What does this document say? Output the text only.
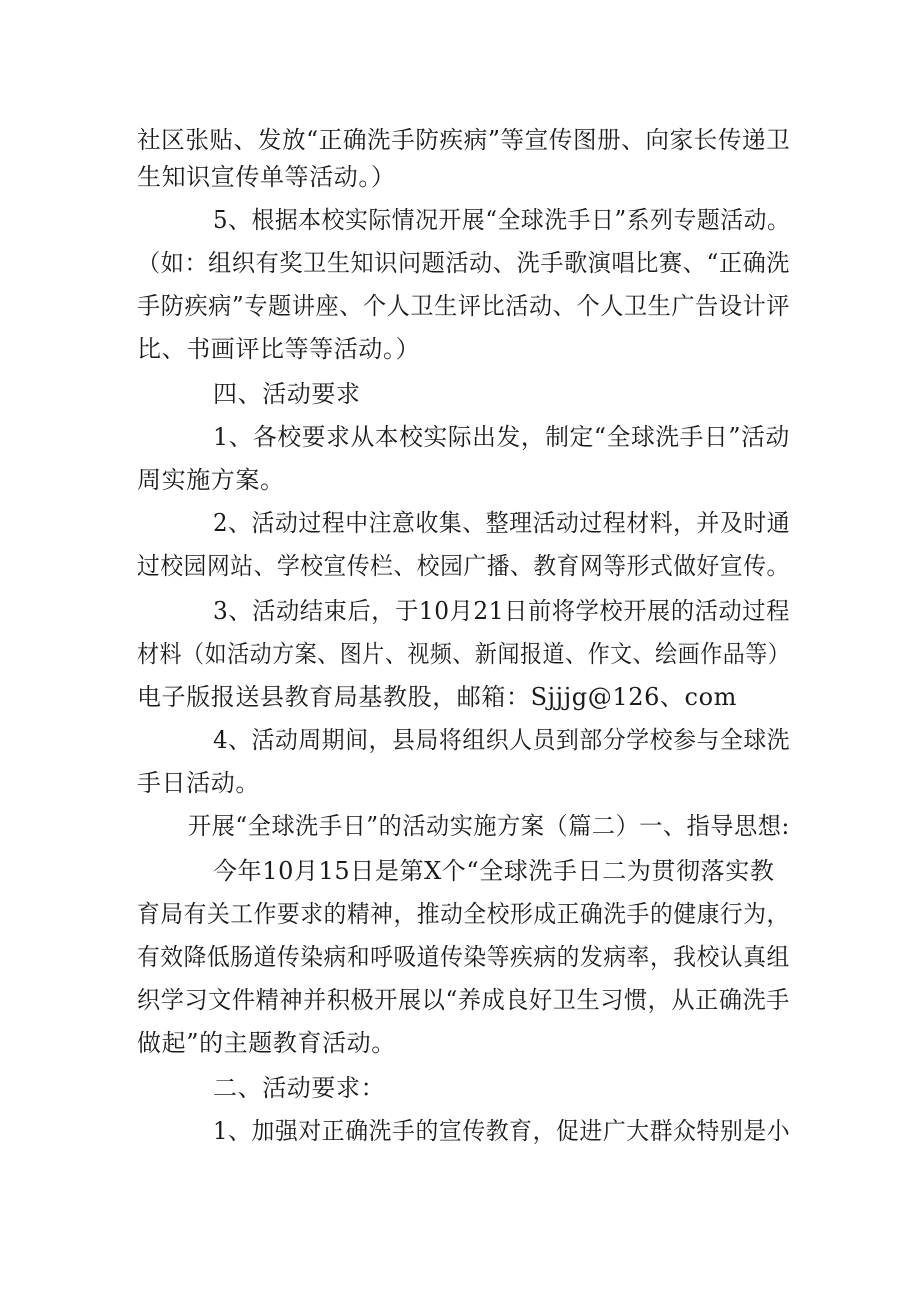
社区张贴、发放“正确洗手防疾病”等宣传图册、向家长传递卫
生知识宣传单等活动。）
5、根据本校实际情况开展“全球洗手日”系列专题活动。
（如：组织有奖卫生知识问题活动、洗手歌演唱比赛、“正确洗
手防疾病”专题讲座、个人卫生评比活动、个人卫生广告设计评
比、书画评比等等活动。）
四、活动要求
1、各校要求从本校实际出发，制定“全球洗手日”活动
周实施方案。
2、活动过程中注意收集、整理活动过程材料，并及时通
过校园网站、学校宣传栏、校园广播、教育网等形式做好宣传。
3、活动结束后，于10月21日前将学校开展的活动过程
材料（如活动方案、图片、视频、新闻报道、作文、绘画作品等）
电子版报送县教育局基教股，邮箱：Sjjjg@126、com
4、活动周期间，县局将组织人员到部分学校参与全球洗
手日活动。
开展“全球洗手日”的活动实施方案（篇二）一、指导思想:
今年10月15日是第X个“全球洗手日二为贯彻落实教
育局有关工作要求的精神，推动全校形成正确洗手的健康行为，
有效降低肠道传染病和呼吸道传染等疾病的发病率，我校认真组
织学习文件精神并积极开展以“养成良好卫生习惯，从正确洗手
做起”的主题教育活动。
二、活动要求：
1、加强对正确洗手的宣传教育，促进广大群众特别是小
